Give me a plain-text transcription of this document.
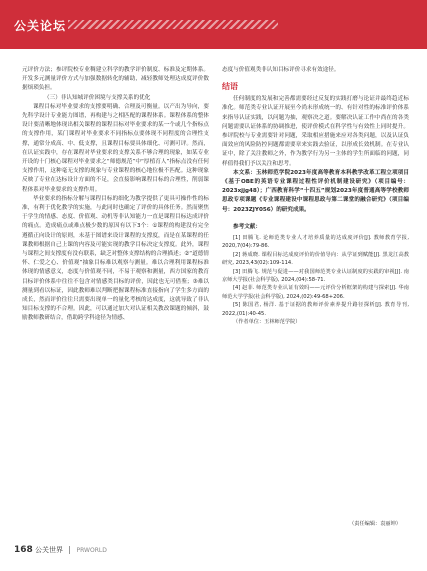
公关论坛

元评价方法；参评院校专业稠建立科学的教学评价制度、标准及定期体系。开发多元测量评价方式与加强数据转化的辅助，减轻教师处理达成度评价数据烦琐负担。

（三）非认知城评价困境与支撑关系的优化

课程目标对毕业要求的支撑要明确、合理及可衡量。以产出为导向，要先科学设计专业能力图谱，再构建与之相匹配的课程体系。课程体系的整体设计要清晰地体现出相关课程的课程目标对毕业要求的某一个或几个指标点的支撑作用，某门课程对毕业要求不同指标点要体现不同程度的合理性支撑，通常分成高、中、低支撑，且课程目标要具体细化、可测可评。然而，在认证实践中，存在课程对毕业要求的支撑关系不够合理的现象，如某专业开设的十门核心课程对毕业要求之“师德规范”中“厚植育人”指标点没有任何支撑作用，这种毫无支撑的现象与专业课程的核心地位极不匹配。这种现象反映了专业在达标设计方面的不足，会直接影响课程目标的合理性，削弱课程体系对毕业要求的支撑作用。

毕业要求的指标分解与课程目标的细化为教学提供了更具可操作性的标准，有利于优化教学的实施，与此同时也确定了评价的具体任务。然而聚焦于学生的情感、态度、价值观、动机等非认知能力一直是课程目标达成评价的痛点。造成痛点或难点极少数的原因有以下3个：①课程的构建没有完全遵循正向设计的原则，未基于图谱来设计课程的支撑度，而是在某课程的任课教师根据自己上课的内容及可能实现的教学目标决定支撑度。此外，课程与课程之间支撑度有没有联系，缺乏对整体支撑结构的合理描述；②“道德情怀、仁爱之心、价值观”抽象目标难以观察与测量。难以合理利用课程标准体现的情感意义，态度与价值观不同，不易于观察和测量，西方国家的教育目标评价体系中往往不包含对情感类目标的评价，因此也无可借鉴；③难以测量到看以标证，因此教师难以判断把握课程标准直接指向了学生多方面的成长，然而评价往往只需要出现单一的量化考核的达成度，这就导致了非认知目标支撑的不合理。因此，可以通过加大对认证相关教改课题的倾斜，鼓励教师教研结合，借助跨学科途径为情感、

态度与价值观类非认知目标评价寻求有效途径。

结语

任何制度的发展和完善都需要经过反复的实践打磨与论证并最终趋近标准化。师范类专业认证开展至今尚未形成统一的、有针对性的标准评价体系来指导认证实践，以问题为抽，观察决之道。要解决认证工作中尚在的各类问题需要认证体系的协调推进，使评价模式在科学性与有效性上同时提升。参评院校与专业需要针对问题，采取相应措施来应对各类问题，以及认证负面效应的风险防控问题都需要章来实践去验证，以形成长效机制。在专业认证中，除了关注教师之外，作为教学行为另一主体的学生所面临的问题，同样值得我们予以关注和思考。

本文系：玉林师范学院2023年度高等教育本科教学改革工程立项项目《基于OBE的英语专业课程过程性评价机制建设研究》（项目编号：2023xjjg48）；广西教育科学“十四五”规划2023年度普通高等学校教师思政专项课题《专业课程建设中课程思政与第二课堂的融合研究》（项目编号：2023ZJY056）的研究成果。

参考文献：

[1] 田腾飞. 论师范类专业人才培养质量的达成度评价[J]. 教师教育学报, 2020,7(04):79-86.

[2] 蒋成晓. 课程目标达成度评价的价值导向：从学证到赋能[J]. 黑龙江高教研究, 2023,43(02):109-114.

[3] 田腾飞. 规范与促进——对我国师范类专业认证制度的实践的审视[J]. 南京师大学报(社会科学版), 2024,(04):58-71.

[4] 赵菲. 师范类专业认证有效吗——元评价分析框架的构建与探索[J]. 华南师范大学学报(社会科学版), 2024,(02):49-68+206.

[5] 陈国君, 杨洋. 基于证据的教师评价素养提升路径探析[J]. 教育导刊, 2022,(01):40-45.

（作者单位：玉林师范学院）

（责任编辑：袁丽坤）
168 公关世界 PRWORLD
